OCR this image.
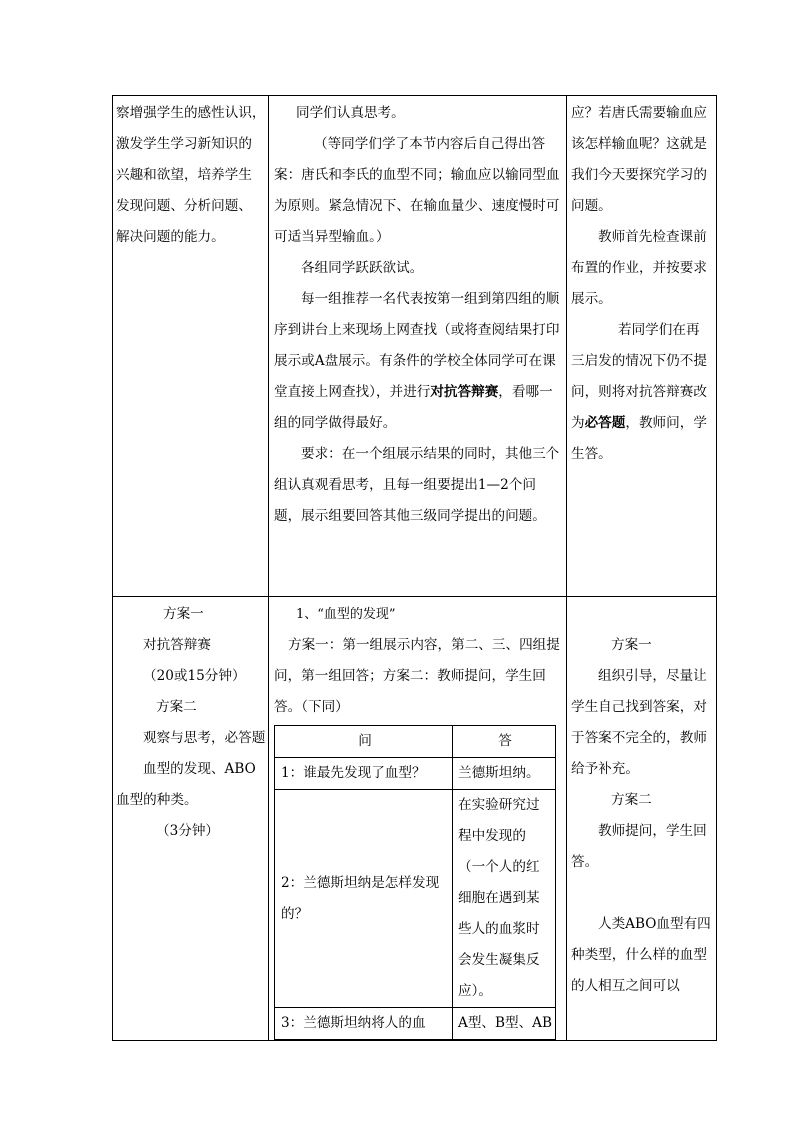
察增强学生的感性认识，

激发学生学习新知识的

兴趣和欲望，培养学生

发现问题、分析问题、

解决问题的能力。

同学们认真思考。

（等同学们学了本节内容后自己得出答案：唐氏和李氏的血型不同；输血应以输同型血为原则。紧急情况下、在输血量少、速度慢时可可适当异型输血。）

各组同学跃跃欲试。

每一组推荐一名代表按第一组到第四组的顺序到讲台上来现场上网查找（或将查阅结果打印展示或A盘展示。有条件的学校全体同学可在课堂直接上网查找），并进行对抗答辩赛，看哪一组的同学做得最好。

要求：在一个组展示结果的同时，其他三个组认真观看思考，且每一组要提出1—2个问题，展示组要回答其他三级同学提出的问题。

应？若唐氏需要输血应该怎样输血呢？这就是我们今天要探究学习的问题。

教师首先检查课前布置的作业，并按要求展示。

若同学们在再三启发的情况下仍不提问，则将对抗答辩赛改为必答题，教师问，学生答。

方案一

对抗答辩赛

（20或15分钟）

方案二

观察与思考，必答题

血型的发现、ABO血型的种类。

（3分钟）

1、“血型的发现”

方案一：第一组展示内容，第二、三、四组提问，第一组回答；方案二：教师提问，学生回答。（下同）

问	答
1：谁最先发现了血型？	兰德斯坦纳。
2：兰德斯坦纳是怎样发现的？	在实验研究过程中发现的（一个人的红细胞在遇到某些人的血浆时会发生凝集反应）。
3：兰德斯坦纳将人的血	A型、B型、AB

方案一

组织引导，尽量让学生自己找到答案，对于答案不完全的，教师给予补充。

方案二

教师提问，学生回答。

人类ABO血型有四种类型，什么样的血型的人相互之间可以
